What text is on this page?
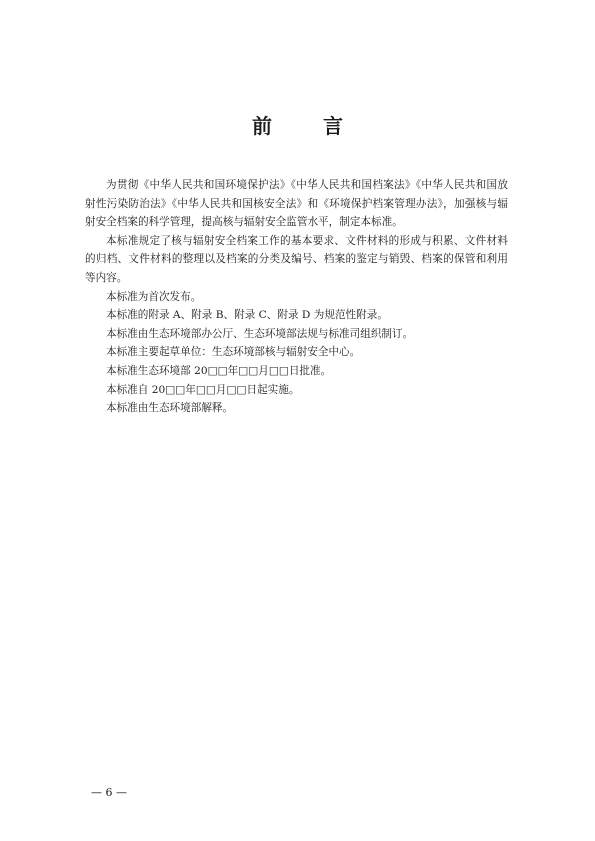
前 言

为贯彻《中华人民共和国环境保护法》《中华人民共和国档案法》《中华人民共和国放射性污染防治法》《中华人民共和国核安全法》和《环境保护档案管理办法》，加强核与辐射安全档案的科学管理，提高核与辐射安全监管水平，制定本标准。

本标准规定了核与辐射安全档案工作的基本要求、文件材料的形成与积累、文件材料的归档、文件材料的整理以及档案的分类及编号、档案的鉴定与销毁、档案的保管和利用等内容。

本标准为首次发布。

本标准的附录 A、附录 B、附录 C、附录 D 为规范性附录。

本标准由生态环境部办公厅、生态环境部法规与标准司组织制订。

本标准主要起草单位：生态环境部核与辐射安全中心。

本标准生态环境部 20□□年□□月□□日批准。

本标准自 20□□年□□月□□日起实施。

本标准由生态环境部解释。

— 6 —
